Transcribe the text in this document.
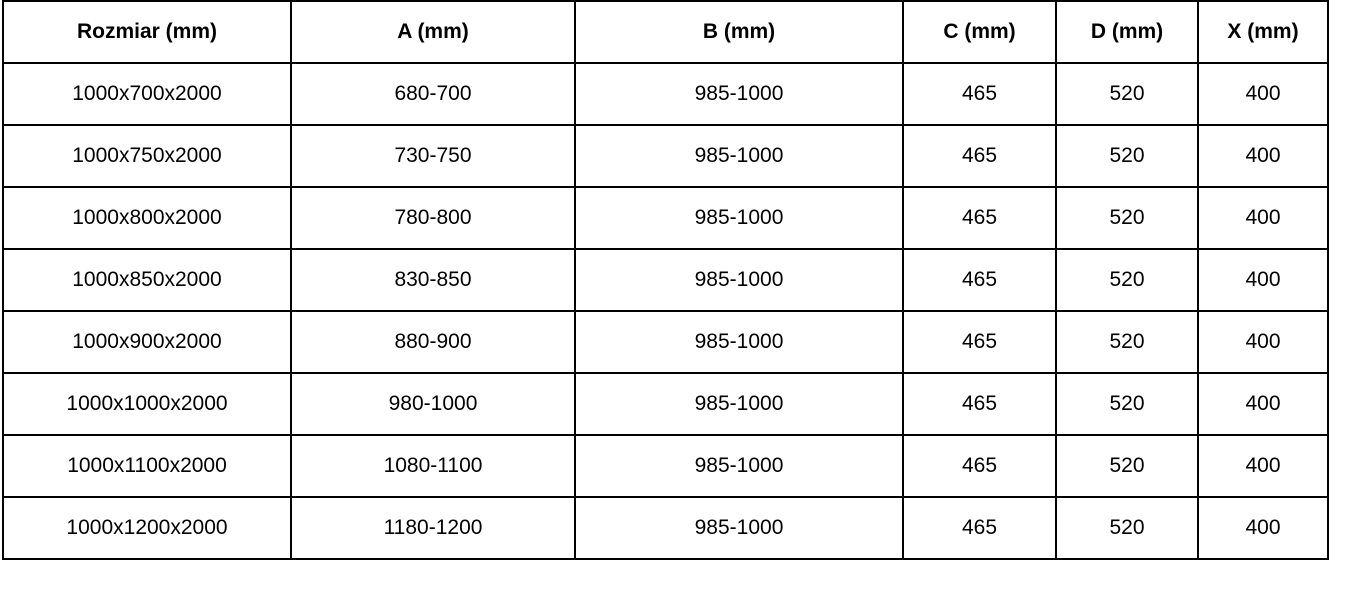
Rozmiar (mm)	A (mm)	B (mm)	C (mm)	D (mm)	X (mm)
1000x700x2000	680-700	985-1000	465	520	400
1000x750x2000	730-750	985-1000	465	520	400
1000x800x2000	780-800	985-1000	465	520	400
1000x850x2000	830-850	985-1000	465	520	400
1000x900x2000	880-900	985-1000	465	520	400
1000x1000x2000	980-1000	985-1000	465	520	400
1000x1100x2000	1080-1100	985-1000	465	520	400
1000x1200x2000	1180-1200	985-1000	465	520	400
